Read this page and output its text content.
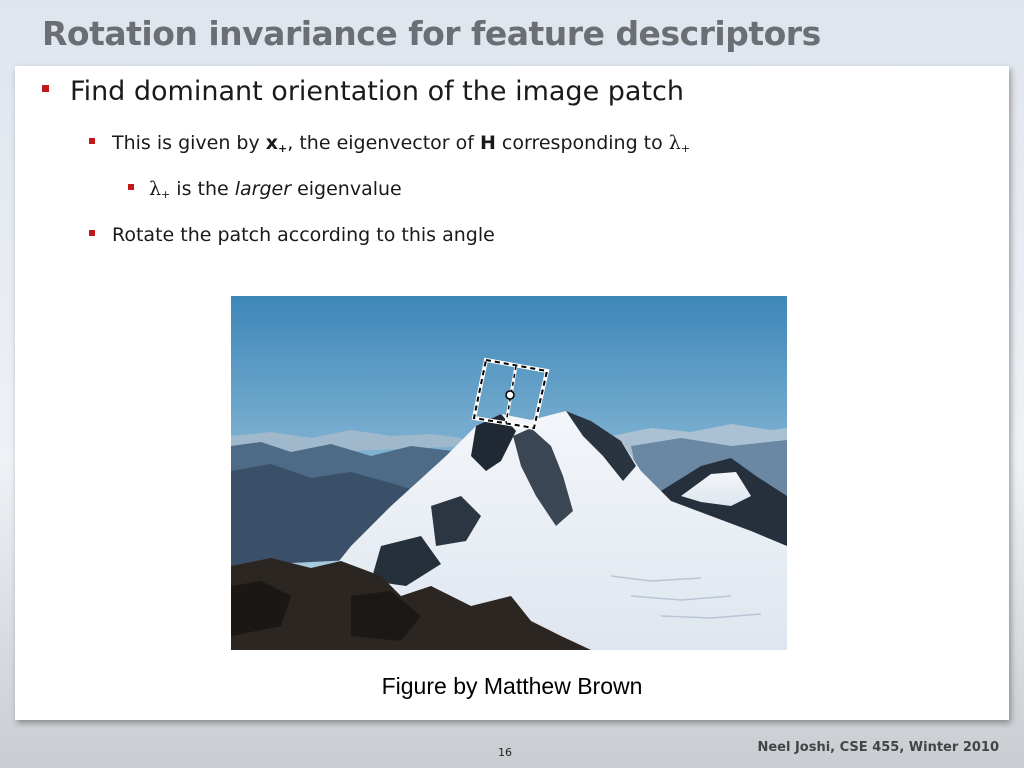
Rotation invariance for feature descriptors
Find dominant orientation of the image patch
This is given by $x_+$, the eigenvector of H corresponding to $\lambda_+$
$\lambda_+$ is the larger eigenvalue
Rotate the patch according to this angle
Figure by Matthew Brown
16	Neel Joshi, CSE 455, Winter 2010
